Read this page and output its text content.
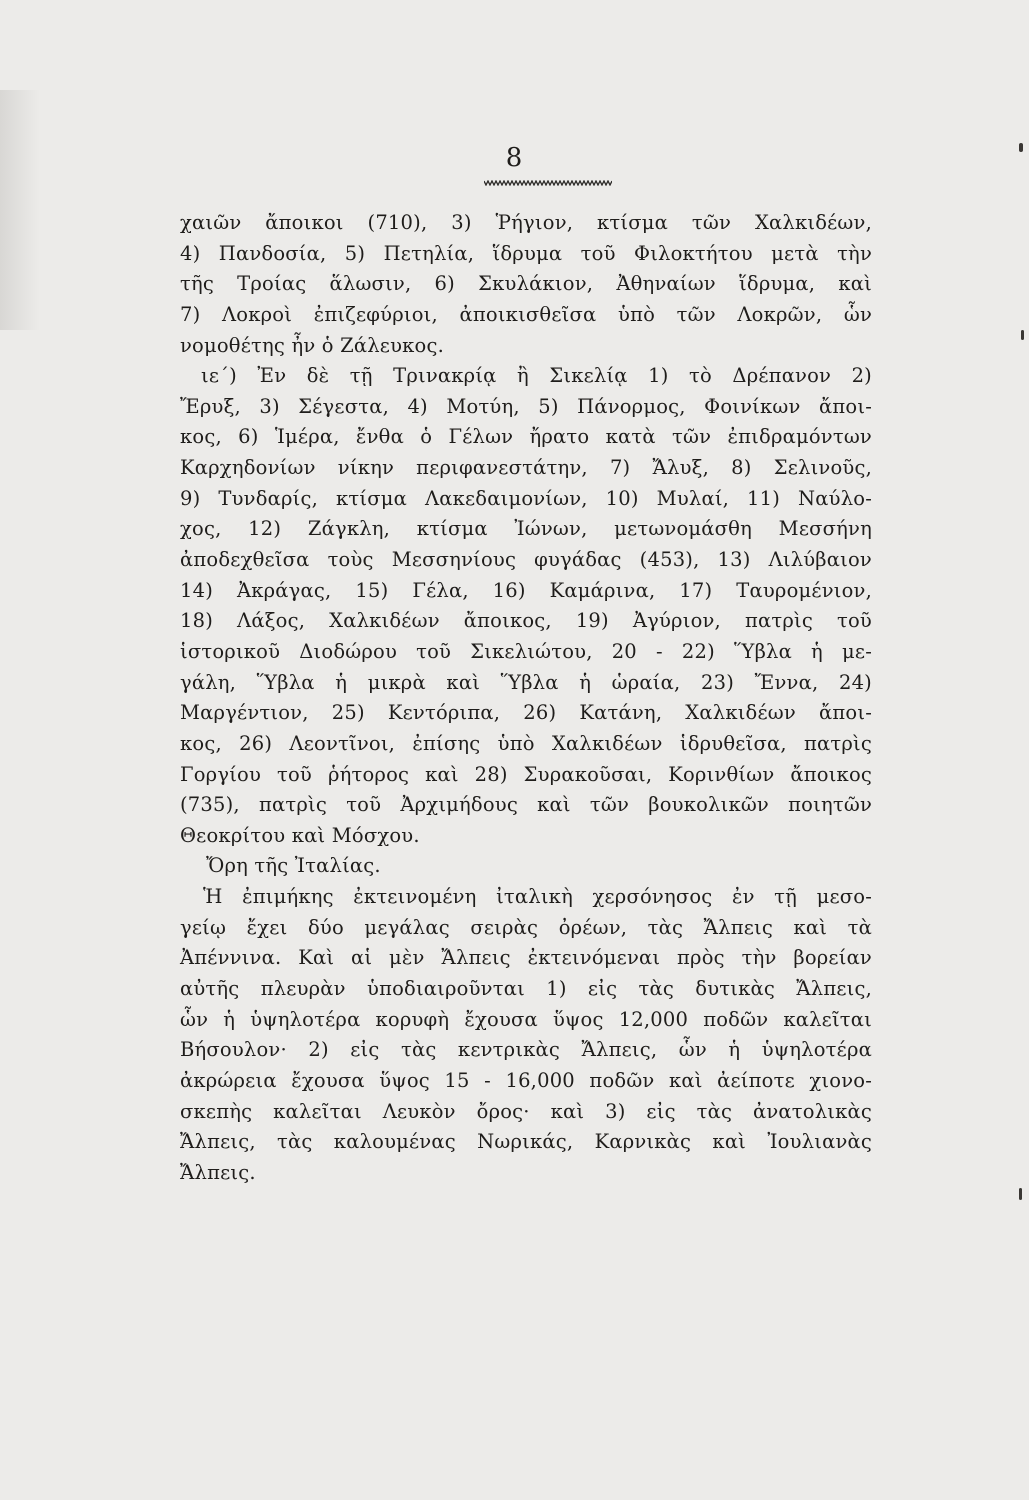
8
χαιῶν ἄποικοι (710), 3) Ῥήγιον, κτίσμα τῶν Χαλκιδέων,
4) Πανδοσία, 5) Πετηλία, ἵδρυμα τοῦ Φιλοκτήτου μετὰ τὴν
τῆς Τροίας ἅλωσιν, 6) Σκυλάκιον, Ἀθηναίων ἵδρυμα, καὶ
7) Λοκροὶ ἐπιζεφύριοι, ἀποικισθεῖσα ὑπὸ τῶν Λοκρῶν, ὧν
νομοθέτης ἦν ὁ Ζάλευκος.
ιε´) Ἐν δὲ τῇ Τρινακρίᾳ ἢ Σικελίᾳ 1) τὸ Δρέπανον 2)
Ἔρυξ, 3) Σέγεστα, 4) Μοτύη, 5) Πάνορμος, Φοινίκων ἄποι-
κος, 6) Ἱμέρα, ἔνθα ὁ Γέλων ἤρατο κατὰ τῶν ἐπιδραμόντων
Καρχηδονίων νίκην περιφανεστάτην, 7) Ἄλυξ, 8) Σελινοῦς,
9) Τυνδαρίς, κτίσμα Λακεδαιμονίων, 10) Μυλαί, 11) Ναύλο-
χος, 12) Ζάγκλη, κτίσμα Ἰώνων, μετωνομάσθη Μεσσήνη
ἀποδεχθεῖσα τοὺς Μεσσηνίους φυγάδας (453), 13) Λιλύβαιον
14) Ἀκράγας, 15) Γέλα, 16) Καμάρινα, 17) Ταυρομένιον,
18) Λάξος, Χαλκιδέων ἄποικος, 19) Ἀγύριον, πατρὶς τοῦ
ἱστορικοῦ Διοδώρου τοῦ Σικελιώτου, 20 - 22) Ὕβλα ἡ με-
γάλη, Ὕβλα ἡ μικρὰ καὶ Ὕβλα ἡ ὡραία, 23) Ἔννα, 24)
Μαργέντιον, 25) Κεντόριπα, 26) Κατάνη, Χαλκιδέων ἄποι-
κος, 26) Λεοντῖνοι, ἐπίσης ὑπὸ Χαλκιδέων ἱδρυθεῖσα, πατρὶς
Γοργίου τοῦ ῥήτορος καὶ 28) Συρακοῦσαι, Κορινθίων ἄποικος
(735), πατρὶς τοῦ Ἀρχιμήδους καὶ τῶν βουκολικῶν ποιητῶν
Θεοκρίτου καὶ Μόσχου.
Ὄρη τῆς Ἰταλίας.
Ἡ ἐπιμήκης ἐκτεινομένη ἰταλικὴ χερσόνησος ἐν τῇ μεσο-
γείῳ ἔχει δύο μεγάλας σειρὰς ὀρέων, τὰς Ἄλπεις καὶ τὰ
Ἀπέννινα. Καὶ αἱ μὲν Ἄλπεις ἐκτεινόμεναι πρὸς τὴν βορείαν
αὐτῆς πλευρὰν ὑποδιαιροῦνται 1) εἰς τὰς δυτικὰς Ἄλπεις,
ὧν ἡ ὑψηλοτέρα κορυφὴ ἔχουσα ὕψος 12,000 ποδῶν καλεῖται
Βήσουλον· 2) εἰς τὰς κεντρικὰς Ἄλπεις, ὧν ἡ ὑψηλοτέρα
ἀκρώρεια ἔχουσα ὕψος 15 - 16,000 ποδῶν καὶ ἀείποτε χιονο-
σκεπὴς καλεῖται Λευκὸν ὄρος· καὶ 3) εἰς τὰς ἀνατολικὰς
Ἄλπεις, τὰς καλουμένας Νωρικάς, Καρνικὰς καὶ Ἰουλιανὰς
Ἄλπεις.
